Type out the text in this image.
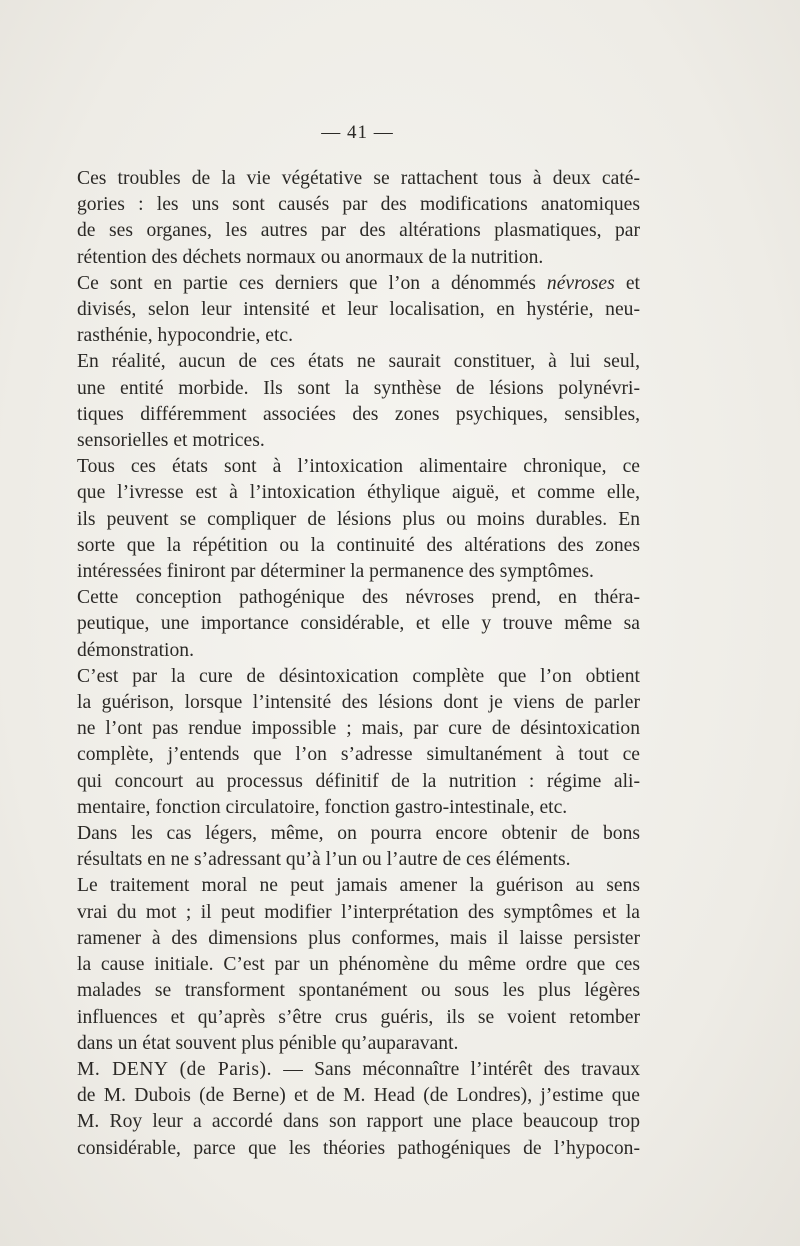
— 41 —

Ces troubles de la vie végétative se rattachent tous à deux caté-
gories : les uns sont causés par des modifications anatomiques
de ses organes, les autres par des altérations plasmatiques, par
rétention des déchets normaux ou anormaux de la nutrition.

Ce sont en partie ces derniers que l’on a dénommés névroses et
divisés, selon leur intensité et leur localisation, en hystérie, neu-
rasthénie, hypocondrie, etc.

En réalité, aucun de ces états ne saurait constituer, à lui seul,
une entité morbide. Ils sont la synthèse de lésions polynévri-
tiques différemment associées des zones psychiques, sensibles,
sensorielles et motrices.

Tous ces états sont à l’intoxication alimentaire chronique, ce
que l’ivresse est à l’intoxication éthylique aiguë, et comme elle,
ils peuvent se compliquer de lésions plus ou moins durables. En
sorte que la répétition ou la continuité des altérations des zones
intéressées finiront par déterminer la permanence des symptômes.

Cette conception pathogénique des névroses prend, en théra-
peutique, une importance considérable, et elle y trouve même sa
démonstration.

C’est par la cure de désintoxication complète que l’on obtient
la guérison, lorsque l’intensité des lésions dont je viens de parler
ne l’ont pas rendue impossible ; mais, par cure de désintoxication
complète, j’entends que l’on s’adresse simultanément à tout ce
qui concourt au processus définitif de la nutrition : régime ali-
mentaire, fonction circulatoire, fonction gastro-intestinale, etc.

Dans les cas légers, même, on pourra encore obtenir de bons
résultats en ne s’adressant qu’à l’un ou l’autre de ces éléments.

Le traitement moral ne peut jamais amener la guérison au sens
vrai du mot ; il peut modifier l’interprétation des symptômes et la
ramener à des dimensions plus conformes, mais il laisse persister
la cause initiale. C’est par un phénomène du même ordre que ces
malades se transforment spontanément ou sous les plus légères
influences et qu’après s’être crus guéris, ils se voient retomber
dans un état souvent plus pénible qu’auparavant.

M. DENY (de Paris). — Sans méconnaître l’intérêt des travaux
de M. Dubois (de Berne) et de M. Head (de Londres), j’estime que
M. Roy leur a accordé dans son rapport une place beaucoup trop
considérable, parce que les théories pathogéniques de l’hypocon-
